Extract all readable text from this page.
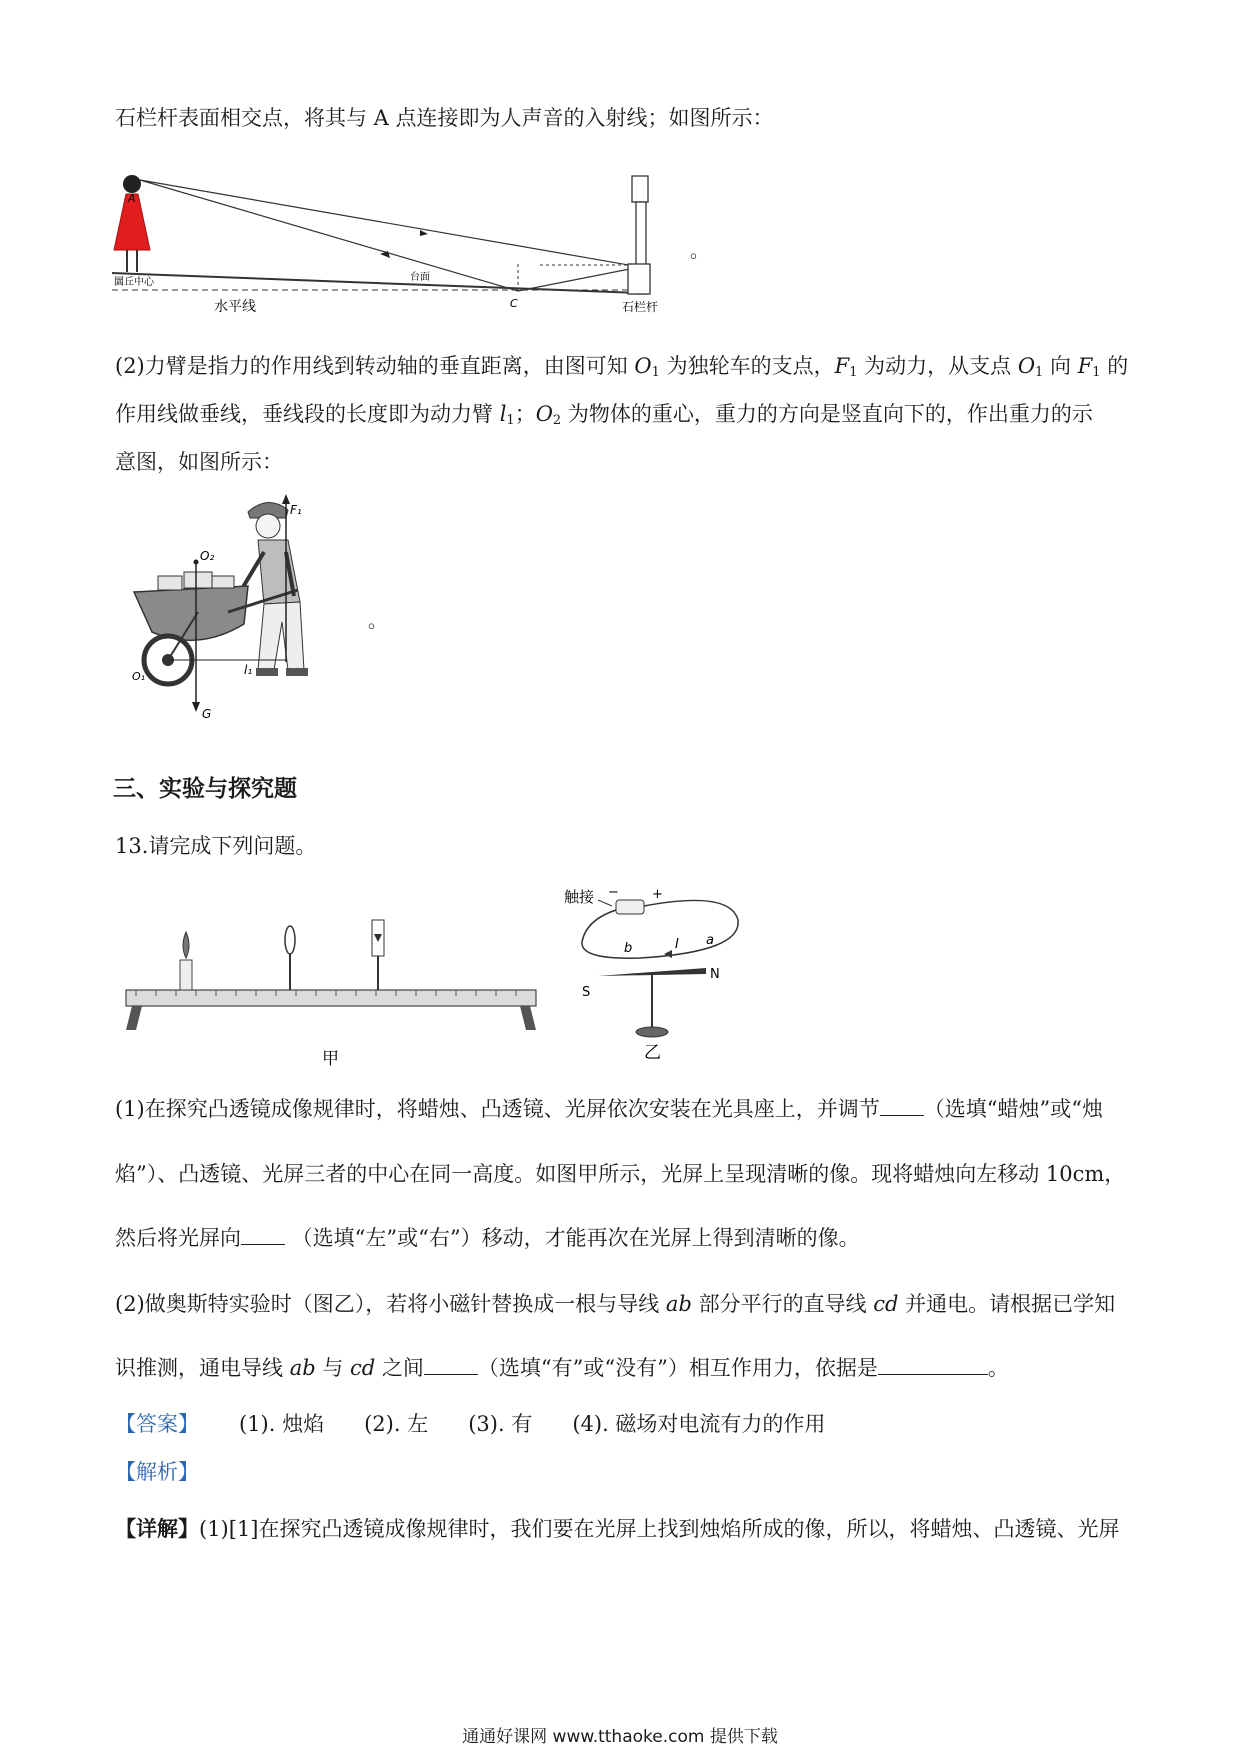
石栏杆表面相交点，将其与 A 点连接即为人声音的入射线；如图所示：
A
圜丘中心	台面
C
水平线	石栏杆
。
(2)力臂是指力的作用线到转动轴的垂直距离，由图可知 $O_1$ 为独轮车的支点，$F_1$ 为动力，从支点 $O_1$ 向 $F_1$ 的
作用线做垂线，垂线段的长度即为动力臂 $l_1$；$O_2$ 为物体的重心，重力的方向是竖直向下的，作出重力的示
意图，如图所示：
F₁
O₂
O₁	l₁
G
。
三、实验与探究题
13.请完成下列问题。
甲
触接 −	+
b	I a
S
N
乙
(1)在探究凸透镜成像规律时，将蜡烛、凸透镜、光屏依次安装在光具座上，并调节 （选填“蜡烛”或“烛
焰”）、凸透镜、光屏三者的中心在同一高度。如图甲所示，光屏上呈现清晰的像。现将蜡烛向左移动 10cm，
然后将光屏向 （选填“左”或“右”）移动，才能再次在光屏上得到清晰的像。
(2)做奥斯特实验时（图乙），若将小磁针替换成一根与导线 ab 部分平行的直导线 cd 并通电。请根据已学知
识推测，通电导线 ab 与 cd 之间	（选填“有”或“没有”）相互作用力，依据是	。
【答案】 (1). 烛焰 (2). 左 (3). 有 (4). 磁场对电流有力的作用
【解析】
【详解】(1)[1]在探究凸透镜成像规律时，我们要在光屏上找到烛焰所成的像，所以，将蜡烛、凸透镜、光屏
通通好课网 www.tthaoke.com 提供下载
